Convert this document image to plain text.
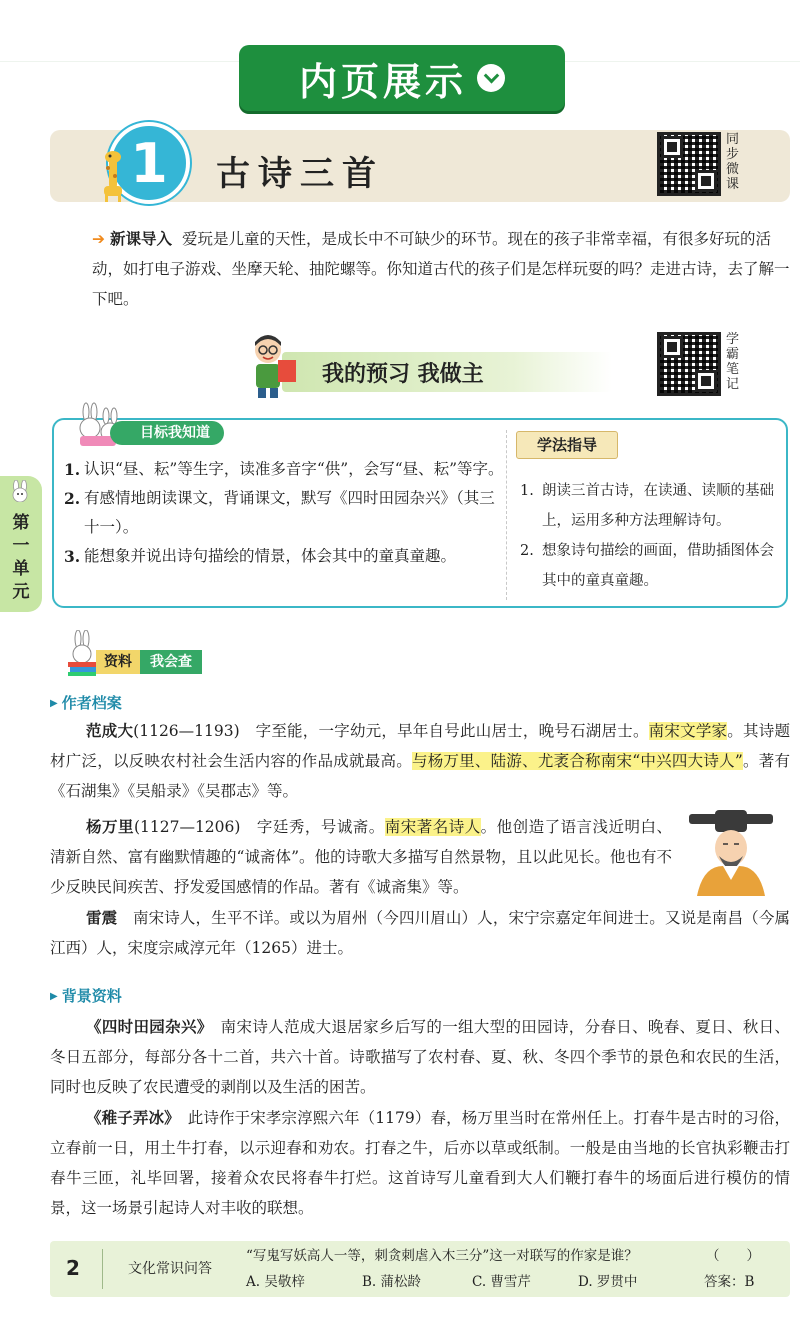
内页展示
1 古诗三首
同步微课
➔ 新课导入 爱玩是儿童的天性，是成长中不可缺少的环节。现在的孩子非常幸福，有很多好玩的活动，如打电子游戏、坐摩天轮、抽陀螺等。你知道古代的孩子们是怎样玩耍的吗？走进古诗，去了解一下吧。
我的预习 我做主
学霸笔记
第一单元
目标我知道
1. 认识“昼、耘”等生字，读准多音字“供”，会写“昼、耘”等字。
2. 有感情地朗读课文，背诵课文，默写《四时田园杂兴》（其三十一）。
3. 能想象并说出诗句描绘的情景，体会其中的童真童趣。
学法指导
1. 朗读三首古诗，在读通、读顺的基础上，运用多种方法理解诗句。
2. 想象诗句描绘的画面，借助插图体会其中的童真童趣。
资料	我会查
▶ 作者档案
范成大(1126—1193)　字至能，一字幼元，早年自号此山居士，晚号石湖居士。南宋文学家。其诗题材广泛，以反映农村社会生活内容的作品成就最高。与杨万里、陆游、尤袤合称南宋“中兴四大诗人”。著有《石湖集》《吴船录》《吴郡志》等。
杨万里(1127—1206)　字廷秀，号诚斋。南宋著名诗人。他创造了语言浅近明白、清新自然、富有幽默情趣的“诚斋体”。他的诗歌大多描写自然景物，且以此见长。他也有不少反映民间疾苦、抒发爱国感情的作品。著有《诚斋集》等。
雷震　南宋诗人，生平不详。或以为眉州（今四川眉山）人，宋宁宗嘉定年间进士。又说是南昌（今属江西）人，宋度宗咸淳元年（1265）进士。
▶ 背景资料
《四时田园杂兴》　南宋诗人范成大退居家乡后写的一组大型的田园诗，分春日、晚春、夏日、秋日、冬日五部分，每部分各十二首，共六十首。诗歌描写了农村春、夏、秋、冬四个季节的景色和农民的生活，同时也反映了农民遭受的剥削以及生活的困苦。
《稚子弄冰》　此诗作于宋孝宗淳熙六年（1179）春，杨万里当时在常州任上。打春牛是古时的习俗，立春前一日，用土牛打春，以示迎春和劝农。打春之牛，后亦以草或纸制。一般是由当地的长官执彩鞭击打春牛三匝，礼毕回署，接着众农民将春牛打烂。这首诗写儿童看到大人们鞭打春牛的场面后进行模仿的情景，这一场景引起诗人对丰收的联想。
2	文化常识问答
“写鬼写妖高人一等，刺贪刺虐入木三分”这一对联写的作家是谁？	（　　）
A. 吴敬梓	B. 蒲松龄	C. 曹雪芹	D. 罗贯中	答案：B
